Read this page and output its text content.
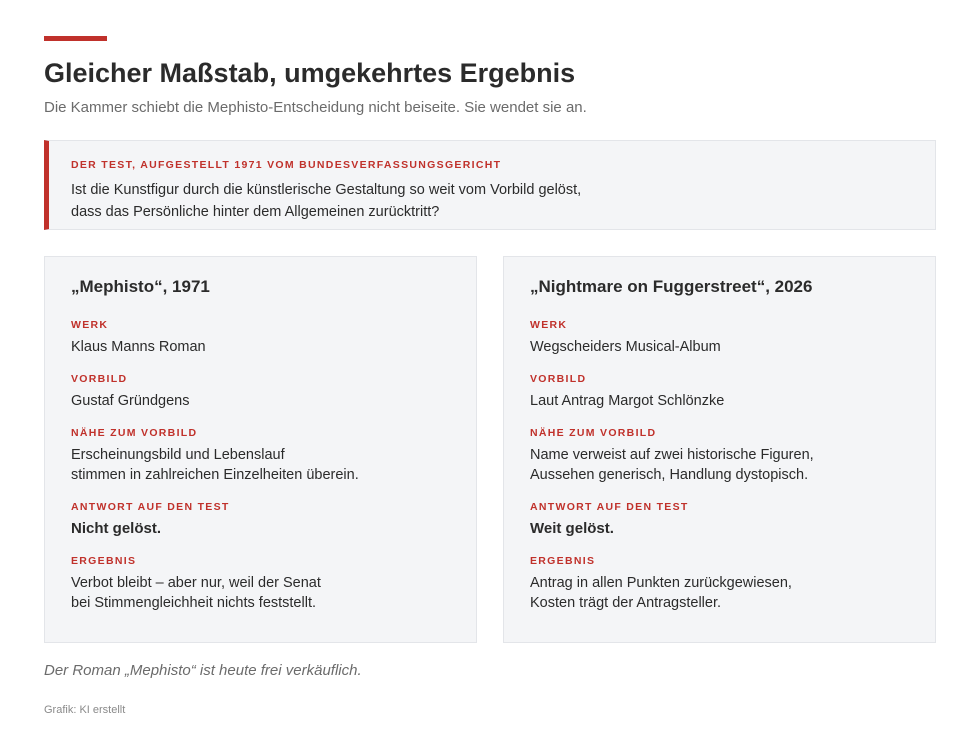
Gleicher Maßstab, umgekehrtes Ergebnis

Die Kammer schiebt die Mephisto-Entscheidung nicht beiseite. Sie wendet sie an.

DER TEST, AUFGESTELLT 1971 VOM BUNDESVERFASSUNGSGERICHT
Ist die Kunstfigur durch die künstlerische Gestaltung so weit vom Vorbild gelöst,
dass das Persönliche hinter dem Allgemeinen zurücktritt?
„Mephisto“, 1971
WERK
Klaus Manns Roman
VORBILD
Gustaf Gründgens
NÄHE ZUM VORBILD
Erscheinungsbild und Lebenslauf
stimmen in zahlreichen Einzelheiten überein.
ANTWORT AUF DEN TEST
Nicht gelöst.
ERGEBNIS
Verbot bleibt – aber nur, weil der Senat
bei Stimmengleichheit nichts feststellt.
„Nightmare on Fuggerstreet“, 2026
WERK
Wegscheiders Musical-Album
VORBILD
Laut Antrag Margot Schlönzke
NÄHE ZUM VORBILD
Name verweist auf zwei historische Figuren,
Aussehen generisch, Handlung dystopisch.
ANTWORT AUF DEN TEST
Weit gelöst.
ERGEBNIS
Antrag in allen Punkten zurückgewiesen,
Kosten trägt der Antragsteller.

Der Roman „Mephisto“ ist heute frei verkäuflich.

Grafik: KI erstellt
